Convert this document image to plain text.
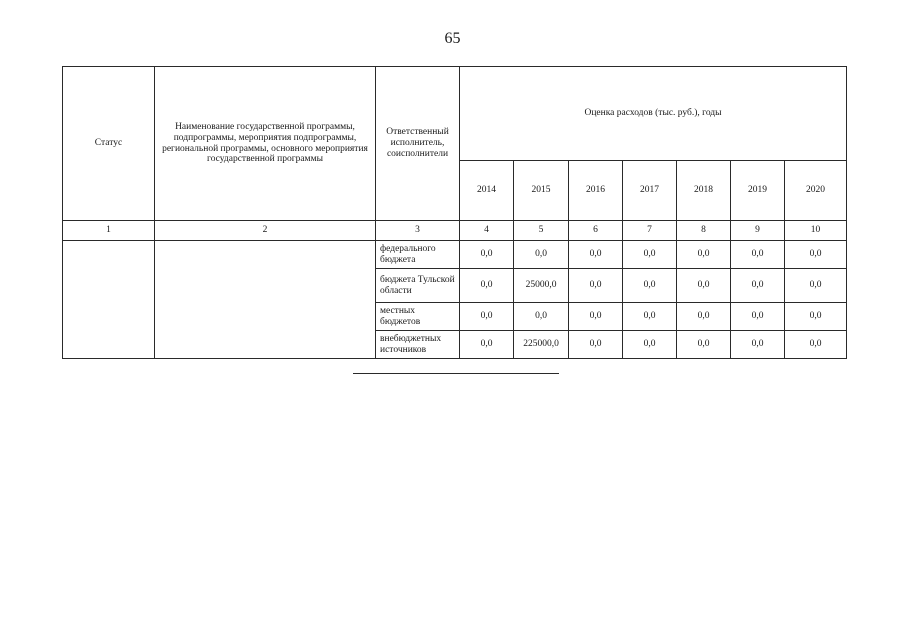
65
Статус	Наименование государственной программы, подпрограммы, мероприятия подпрограммы, региональной программы, основного мероприятия государственной программы	Ответственный исполнитель, соисполнители	Оценка расходов (тыс. руб.), годы						
			2014	2015	2016	2017	2018	2019	2020
1	2	3	4	5	6	7	8	9	10
		федерального бюджета	0,0	0,0	0,0	0,0	0,0	0,0	0,0
		бюджета Тульской области	0,0	25000,0	0,0	0,0	0,0	0,0	0,0
		местных бюджетов	0,0	0,0	0,0	0,0	0,0	0,0	0,0
		внебюджетных источников	0,0	225000,0	0,0	0,0	0,0	0,0	0,0
